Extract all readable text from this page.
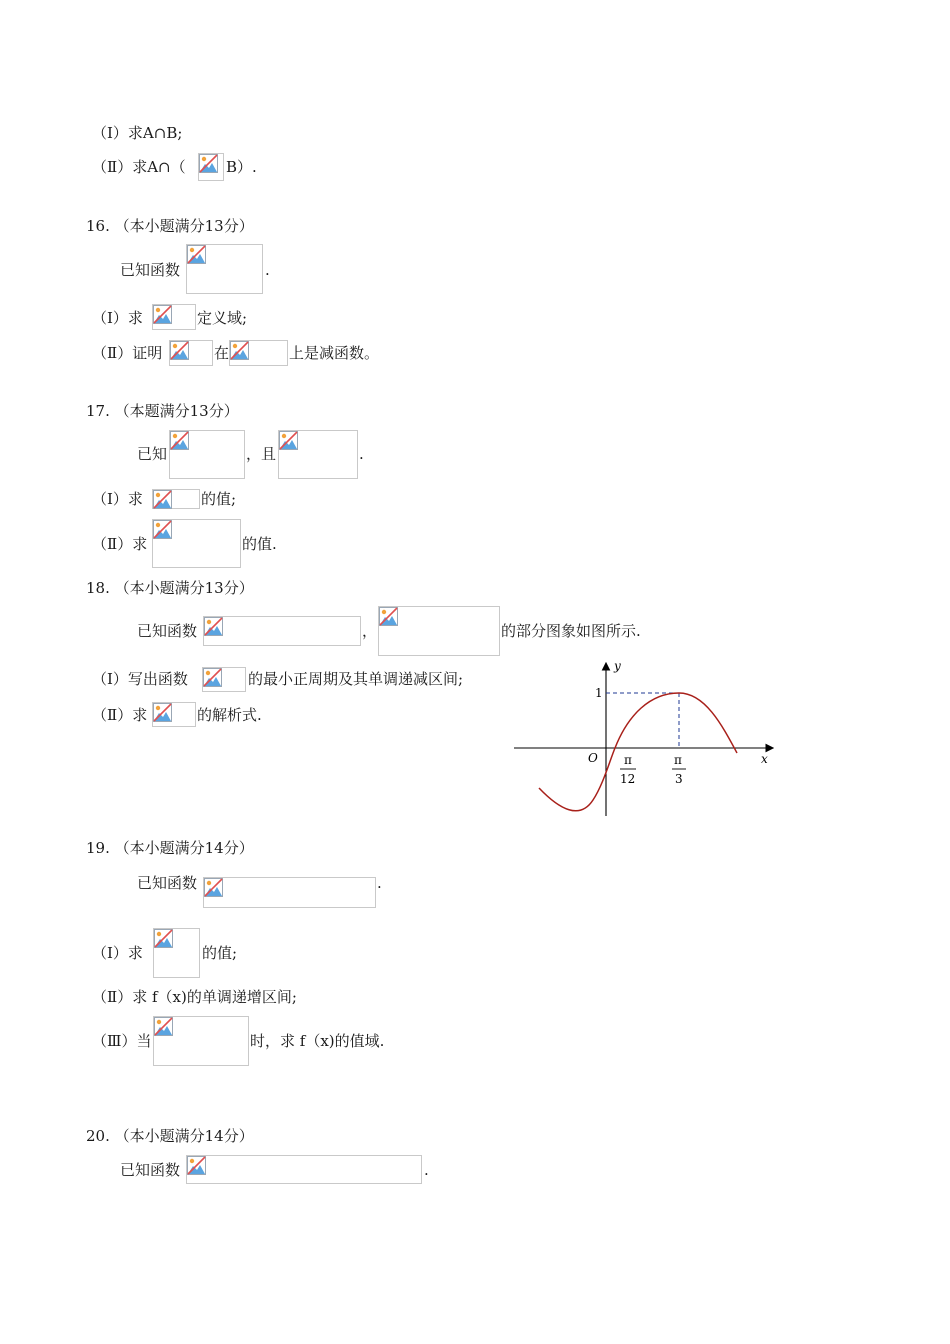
（Ⅰ）求A∩B;
（Ⅱ）求A∩（	B）.
16. （本小题满分13分）
已知函数	.
（Ⅰ）求	定义域;
（Ⅱ）证明	在	上是减函数。
17. （本题满分13分）
已知	，且	.
（Ⅰ）求	的值;
（Ⅱ）求	的值.
18. （本小题满分13分）
已知函数	，	的部分图象如图所示.
（Ⅰ）写出函数	的最小正周期及其单调递减区间;
（Ⅱ）求	的解析式.
y
x
O
1
π
12
π
3
19. （本小题满分14分）
已知函数	.
（Ⅰ）求	的值;
（Ⅱ）求 f（x)的单调递增区间;
（Ⅲ）当	时，求 f（x)的值域.
20. （本小题满分14分）
已知函数	.
